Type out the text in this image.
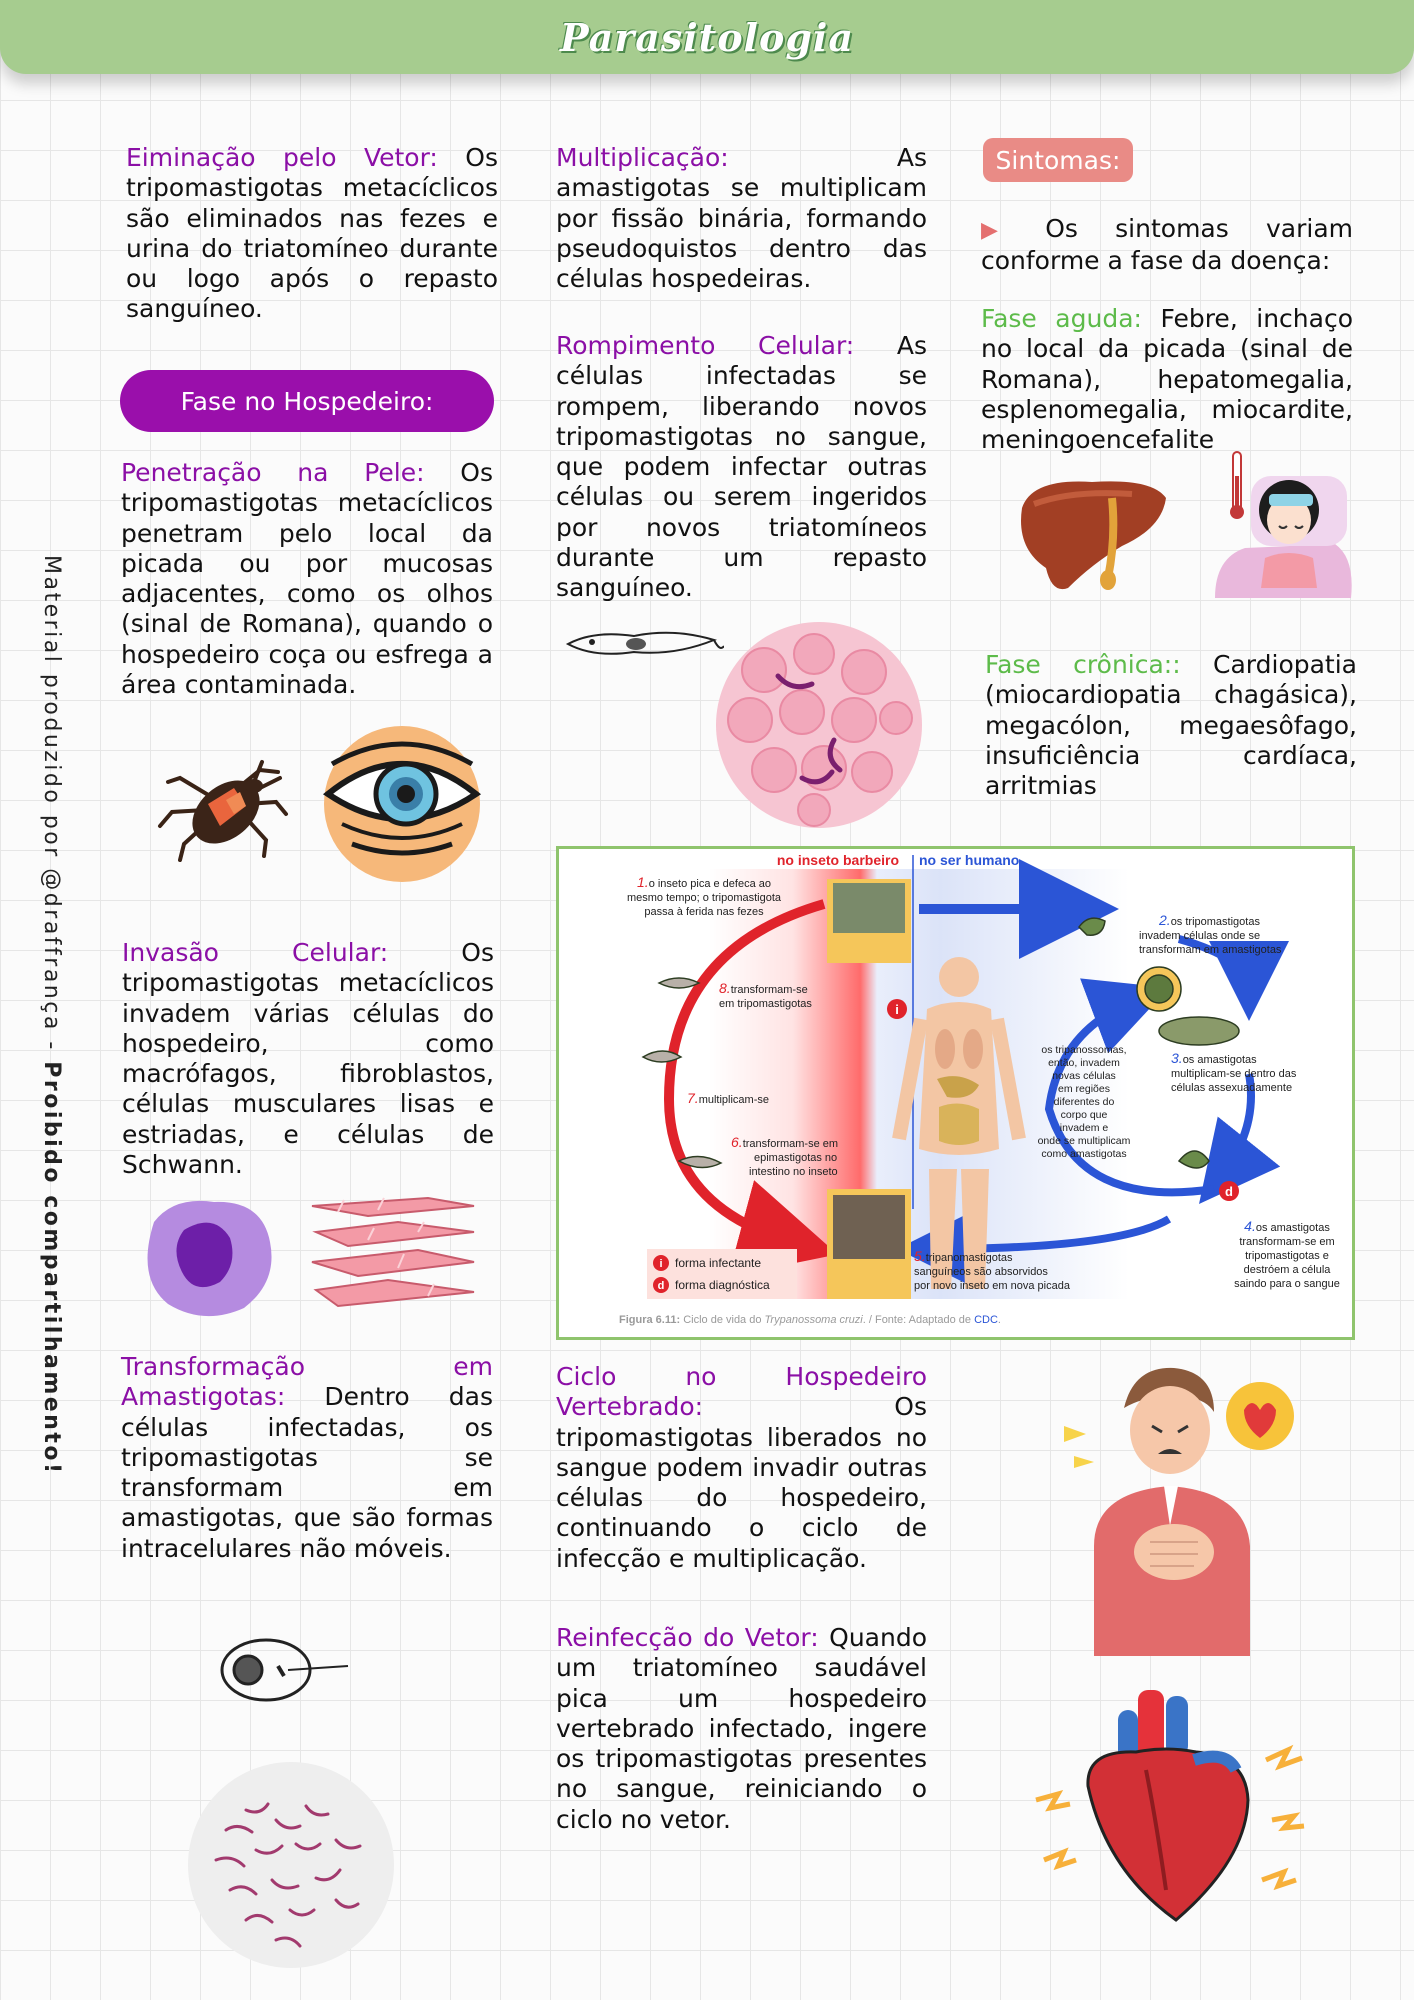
Parasitologia
Material produzido por @draffrança - Proibido compartilhamento!
Eiminação pelo Vetor: Os tripomastigotas metacíclicos são eliminados nas fezes e urina do triatomíneo durante ou logo após o repasto sanguíneo.
Fase no Hospedeiro:
Penetração na Pele: Os tripomastigotas metacíclicos penetram pelo local da picada ou por mucosas adjacentes, como os olhos (sinal de Romana), quando o hospedeiro coça ou esfrega a área contaminada.
Invasão Celular: Os tripomastigotas metacíclicos invadem várias células do hospedeiro, como macrófagos, fibroblastos, células musculares lisas e estriadas, e células de Schwann.
Transformação em Amastigotas: Dentro das células infectadas, os tripomastigotas se transformam em amastigotas, que são formas intracelulares não móveis.
Multiplicação: As amastigotas se multiplicam por fissão binária, formando pseudoquistos dentro das células hospedeiras.
Rompimento Celular: As células infectadas se rompem, liberando novos tripomastigotas no sangue, que podem infectar outras células ou serem ingeridos por novos triatomíneos durante um repasto sanguíneo.
no inseto barbeiro no ser humano
i
d
1.o inseto pica e defeca ao
mesmo tempo; o tripomastigota
passa à ferida nas fezes	2.os tripomastigotas
invadem células onde se
transformam em amastigotas
3.os amastigotas
multiplicam-se dentro das
células assexuadamente
4.os amastigotas
transformam-se em
tripomastigotas e
destróem a célula
saindo para o sangue
5.tripanomastigotas
sanguíneos são absorvidos
por novo inseto em nova picada
6.transformam-se em
epimastigotas no
intestino no inseto
7.multiplicam-se
8.transformam-se
em tripomastigotas
os tripanossomas,
então, invadem
novas células
em regiões
diferentes do
corpo que
invadem e
onde se multiplicam
como amastigotas
i forma infectante
d forma diagnóstica
Figura 6.11: Ciclo de vida do Trypanossoma cruzi. / Fonte: Adaptado de CDC.
Ciclo no Hospedeiro Vertebrado: Os tripomastigotas liberados no sangue podem invadir outras células do hospedeiro, continuando o ciclo de infecção e multiplicação.
Reinfecção do Vetor: Quando um triatomíneo saudável pica um hospedeiro vertebrado infectado, ingere os tripomastigotas presentes no sangue, reiniciando o ciclo no vetor.
Sintomas:
▶ Os sintomas variam conforme a fase da doença:
Fase aguda: Febre, inchaço no local da picada (sinal de Romana), hepatomegalia, esplenomegalia, miocardite, meningoencefalite
Fase crônica:: Cardiopatia (miocardiopatia chagásica), megacólon, megaesôfago, insuficiência cardíaca, arritmias
